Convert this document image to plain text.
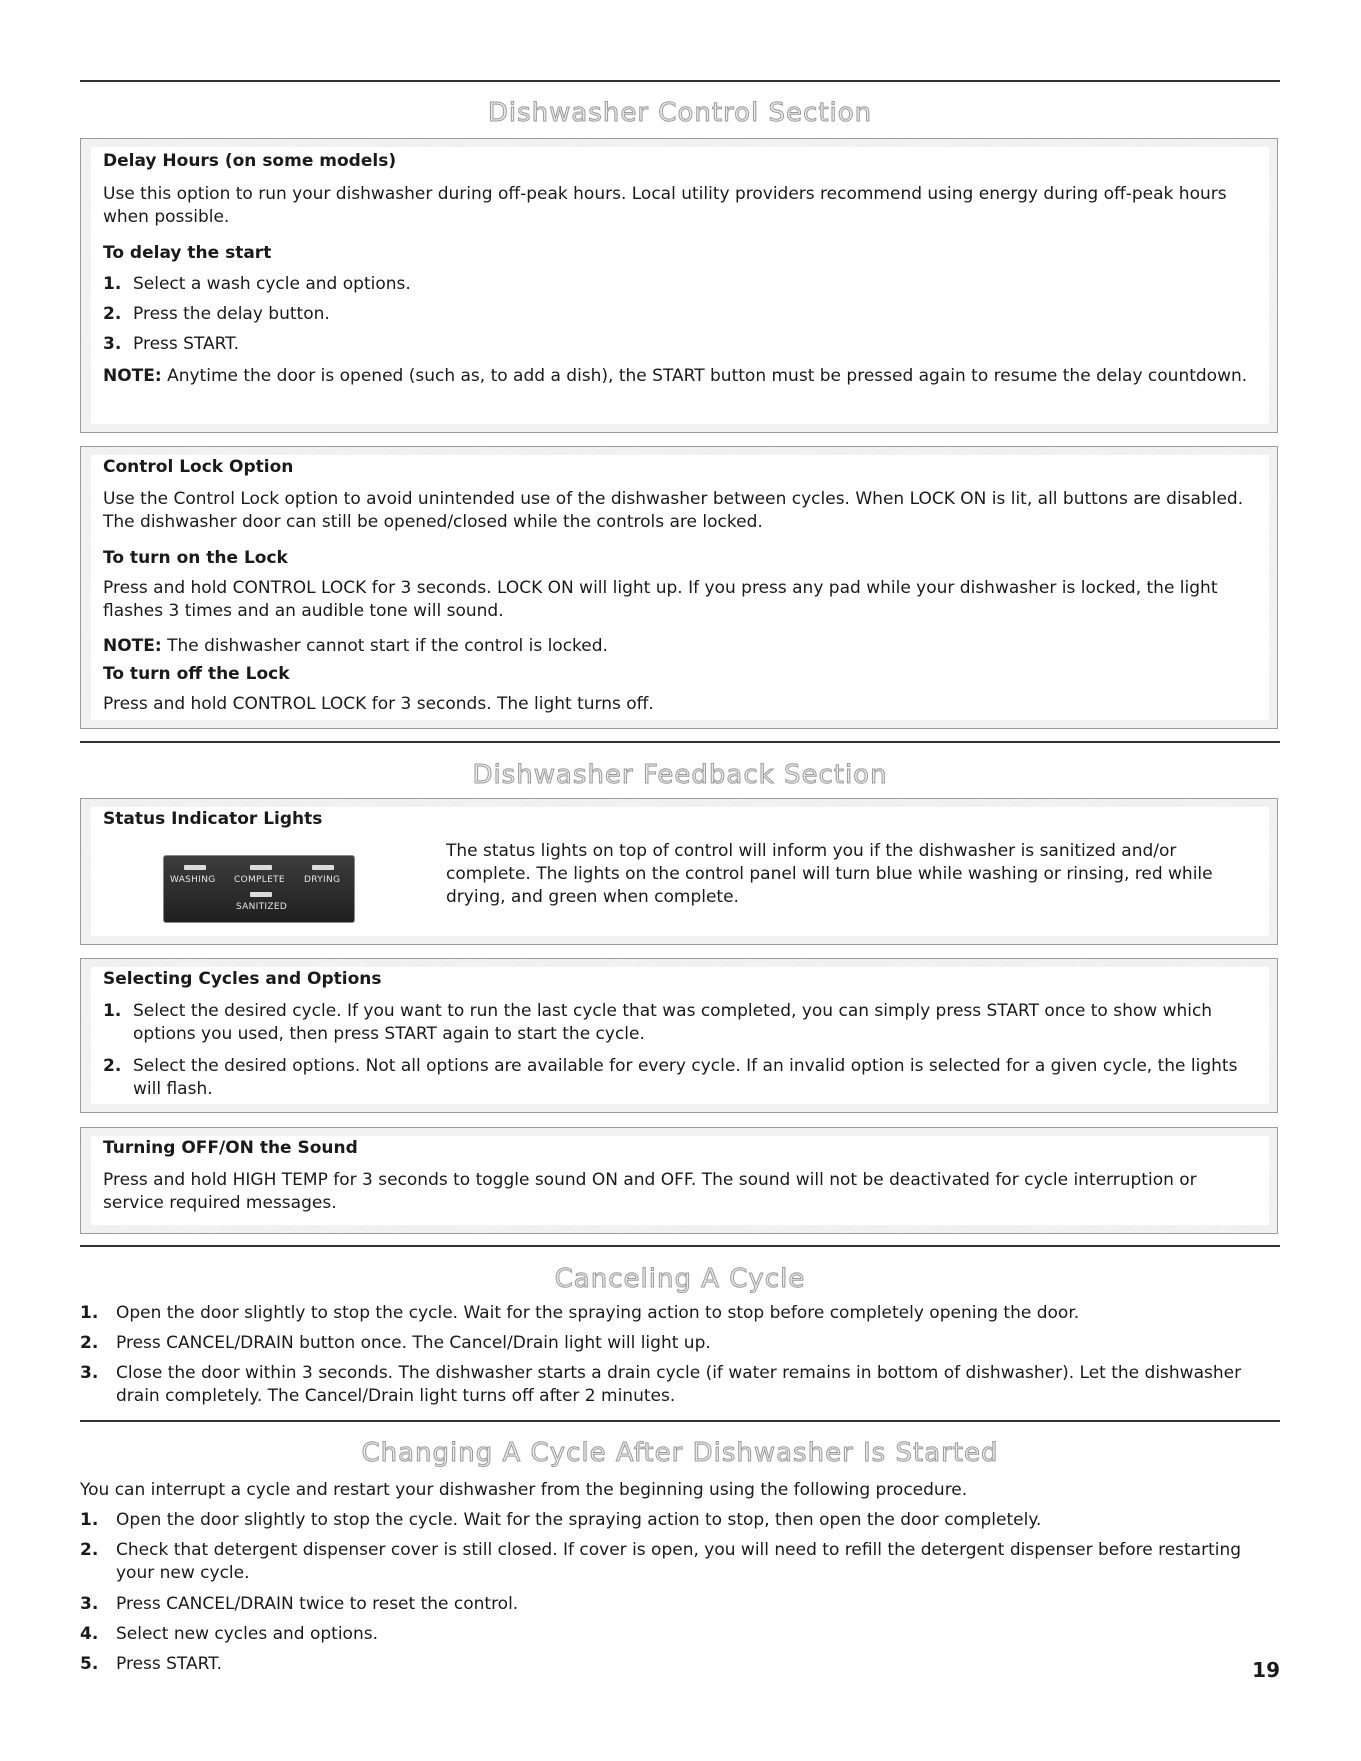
Dishwasher Control Section
Delay Hours (on some models)
Use this option to run your dishwasher during off-peak hours. Local utility providers recommend using energy during off-peak hours when possible.
To delay the start
1. Select a wash cycle and options.
2. Press the delay button.
3. Press START.
NOTE: Anytime the door is opened (such as, to add a dish), the START button must be pressed again to resume the delay countdown.
Control Lock Option
Use the Control Lock option to avoid unintended use of the dishwasher between cycles. When LOCK ON is lit, all buttons are disabled. The dishwasher door can still be opened/closed while the controls are locked.
To turn on the Lock
Press and hold CONTROL LOCK for 3 seconds. LOCK ON will light up. If you press any pad while your dishwasher is locked, the light flashes 3 times and an audible tone will sound.
NOTE: The dishwasher cannot start if the control is locked.
To turn off the Lock
Press and hold CONTROL LOCK for 3 seconds. The light turns off.
Dishwasher Feedback Section
Status Indicator Lights
WASHING COMPLETE DRYING
SANITIZED
The status lights on top of control will inform you if the dishwasher is sanitized and/or complete. The lights on the control panel will turn blue while washing or rinsing, red while drying, and green when complete.
Selecting Cycles and Options
1. Select the desired cycle. If you want to run the last cycle that was completed, you can simply press START once to show which options you used, then press START again to start the cycle.
2. Select the desired options. Not all options are available for every cycle. If an invalid option is selected for a given cycle, the lights will flash.
Turning OFF/ON the Sound
Press and hold HIGH TEMP for 3 seconds to toggle sound ON and OFF. The sound will not be deactivated for cycle interruption or service required messages.
Canceling A Cycle
1. Open the door slightly to stop the cycle. Wait for the spraying action to stop before completely opening the door.
2. Press CANCEL/DRAIN button once. The Cancel/Drain light will light up.
3. Close the door within 3 seconds. The dishwasher starts a drain cycle (if water remains in bottom of dishwasher). Let the dishwasher drain completely. The Cancel/Drain light turns off after 2 minutes.
Changing A Cycle After Dishwasher Is Started
You can interrupt a cycle and restart your dishwasher from the beginning using the following procedure.
1. Open the door slightly to stop the cycle. Wait for the spraying action to stop, then open the door completely.
2. Check that detergent dispenser cover is still closed. If cover is open, you will need to refill the detergent dispenser before restarting your new cycle.
3. Press CANCEL/DRAIN twice to reset the control.
4. Select new cycles and options.
5. Press START.	19
